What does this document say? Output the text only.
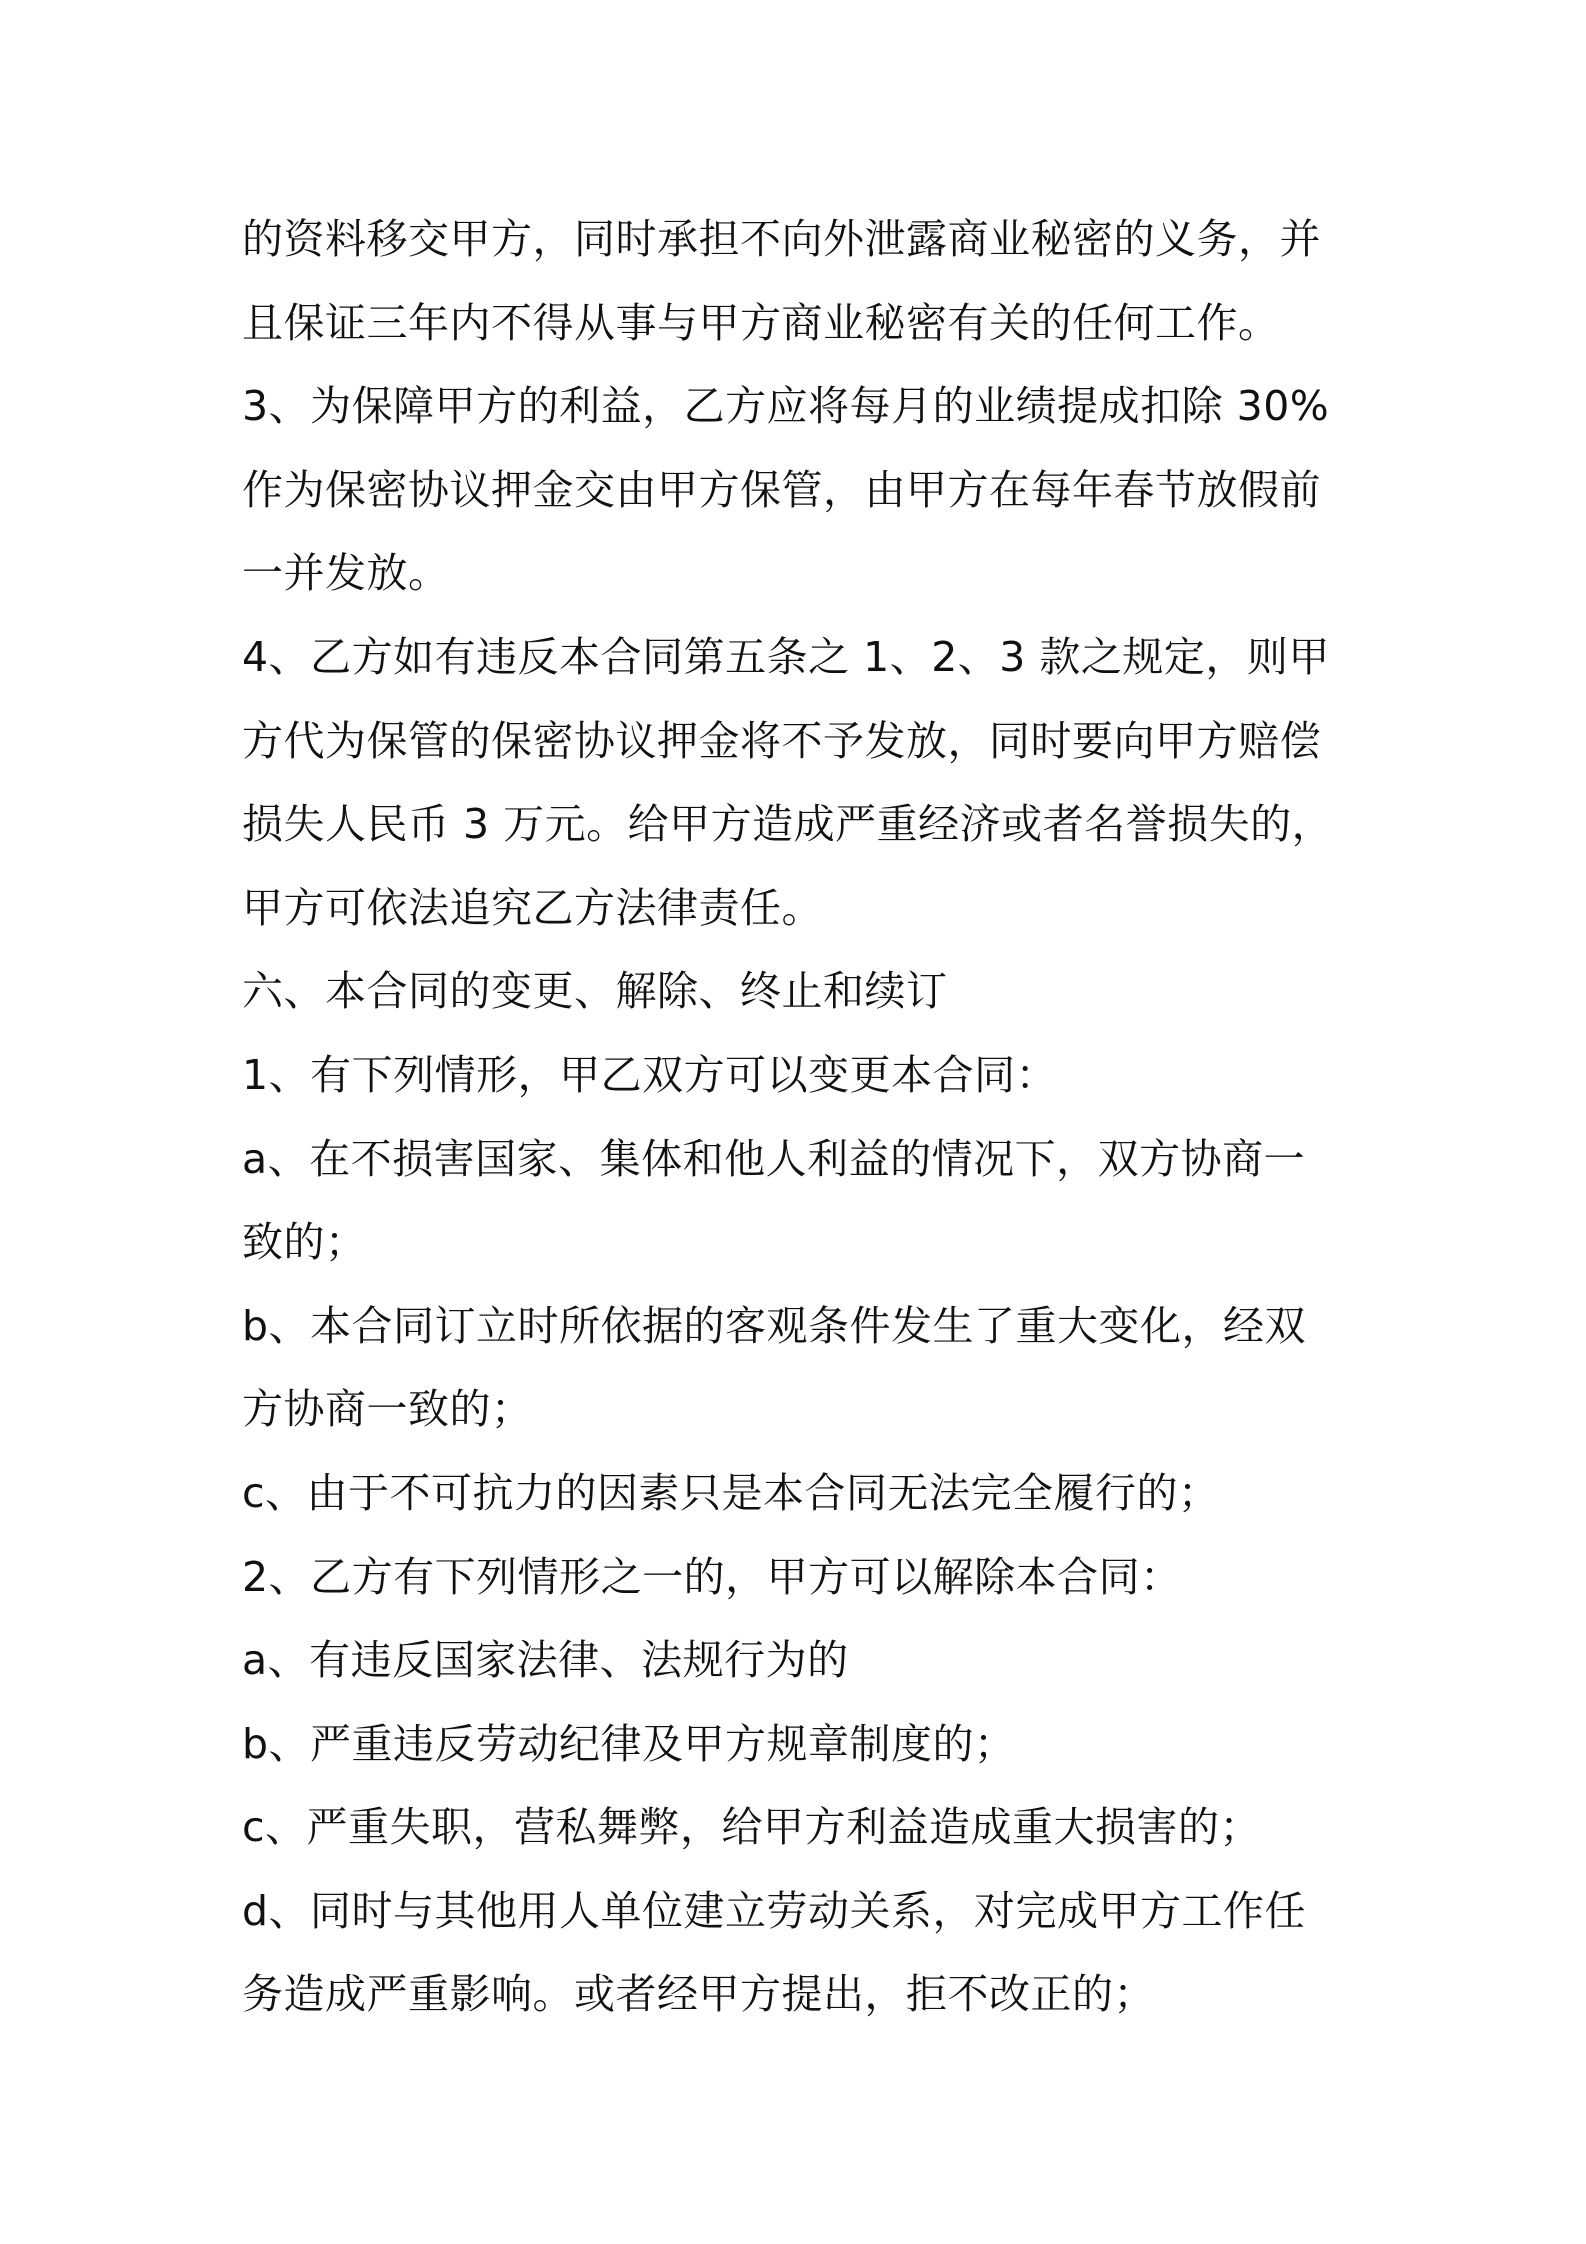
的资料移交甲方，同时承担不向外泄露商业秘密的义务，并
且保证三年内不得从事与甲方商业秘密有关的任何工作。
3、为保障甲方的利益，乙方应将每月的业绩提成扣除 30%
作为保密协议押金交由甲方保管，由甲方在每年春节放假前
一并发放。
4、乙方如有违反本合同第五条之 1、2、3 款之规定，则甲
方代为保管的保密协议押金将不予发放，同时要向甲方赔偿
损失人民币 3 万元。给甲方造成严重经济或者名誉损失的，
甲方可依法追究乙方法律责任。
六、本合同的变更、解除、终止和续订
1、有下列情形，甲乙双方可以变更本合同：
a、在不损害国家、集体和他人利益的情况下，双方协商一
致的；
b、本合同订立时所依据的客观条件发生了重大变化，经双
方协商一致的；
c、由于不可抗力的因素只是本合同无法完全履行的；
2、乙方有下列情形之一的，甲方可以解除本合同：
a、有违反国家法律、法规行为的
b、严重违反劳动纪律及甲方规章制度的；
c、严重失职，营私舞弊，给甲方利益造成重大损害的；
d、同时与其他用人单位建立劳动关系，对完成甲方工作任
务造成严重影响。或者经甲方提出，拒不改正的；
